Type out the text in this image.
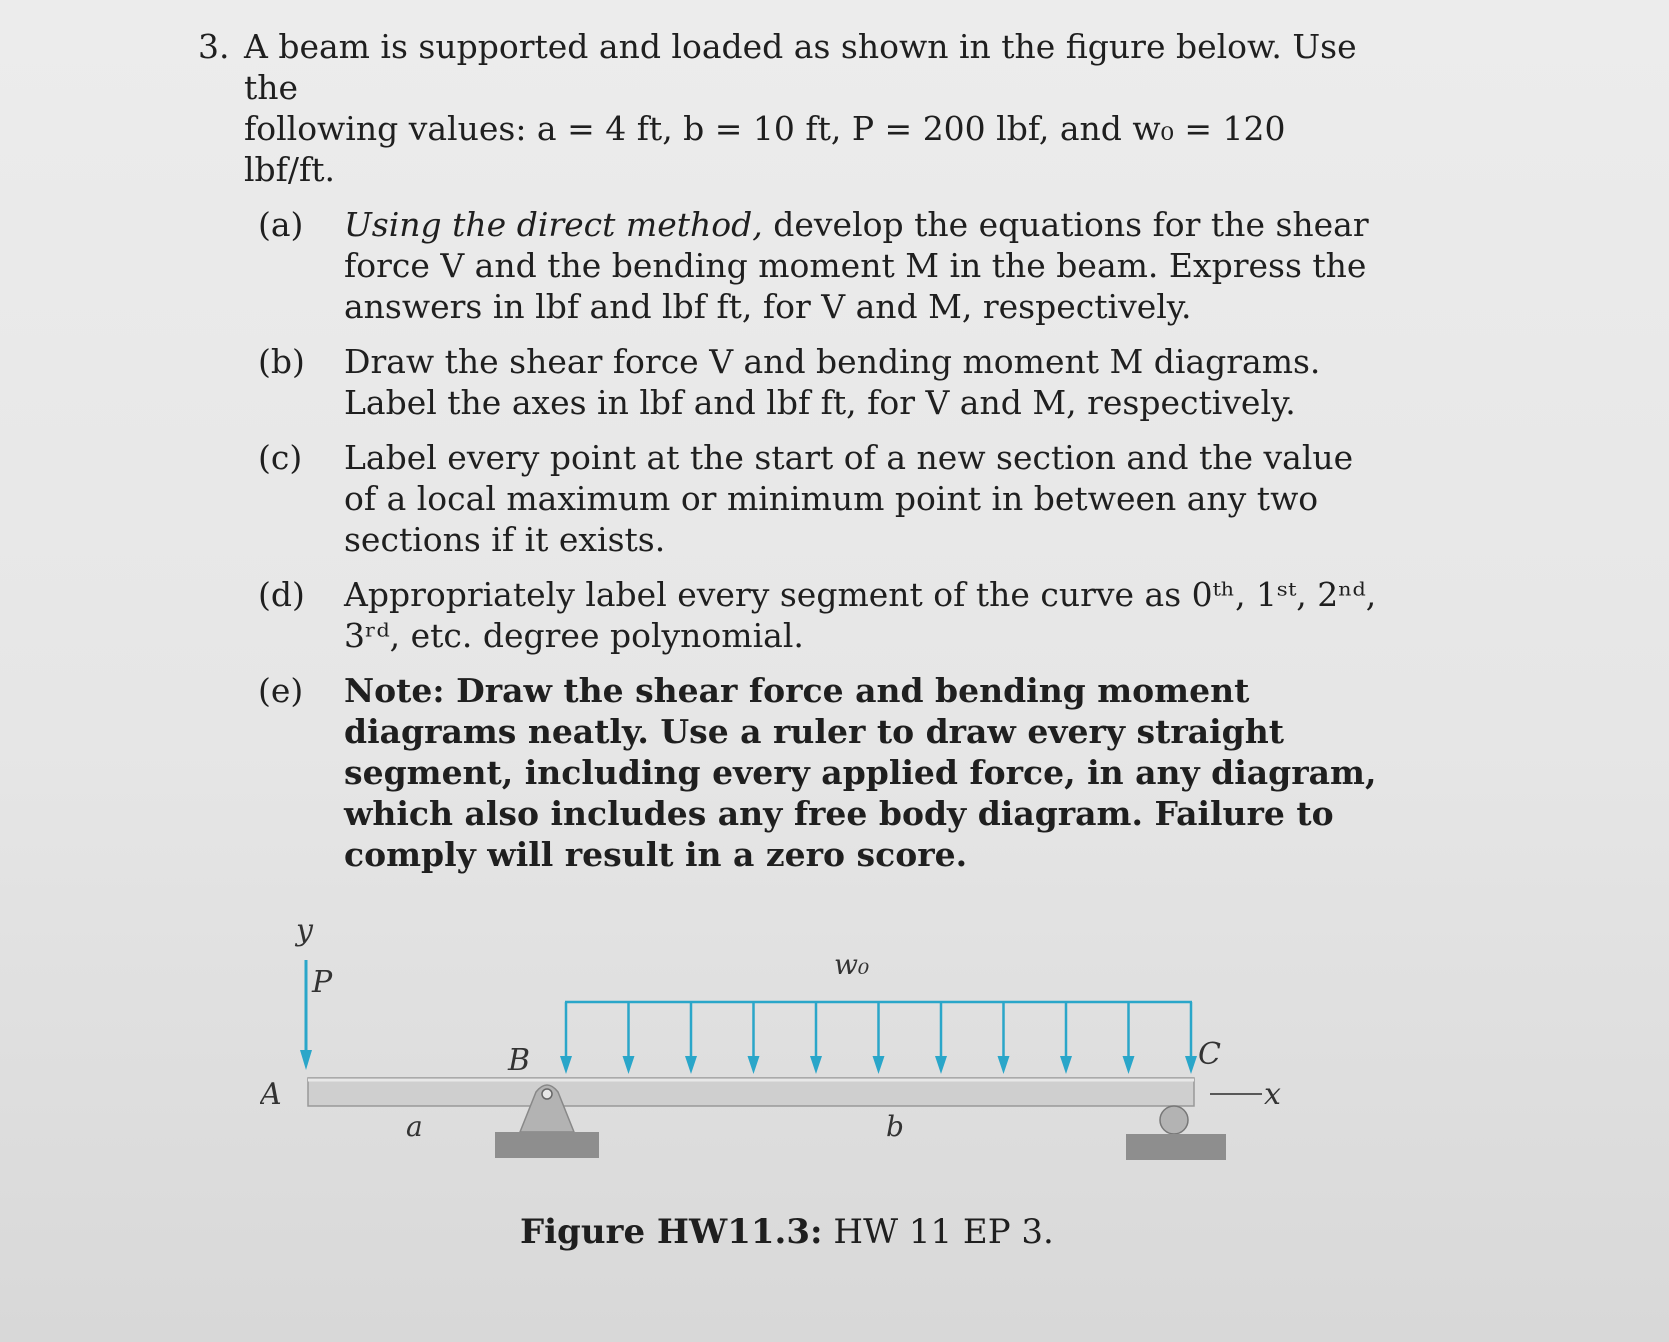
3. A beam is supported and loaded as shown in the figure below. Use the
following values: a = 4 ft, b = 10 ft, P = 200 lbf, and w₀ = 120 lbf/ft.
(a) Using the direct method, develop the equations for the shear force V and the bending moment M in the beam. Express the answers in lbf and lbf ft, for V and M, respectively.
(b) Draw the shear force V and bending moment M diagrams. Label the axes in lbf and lbf ft, for V and M, respectively.
(c) Label every point at the start of a new section and the value of a local maximum or minimum point in between any two sections if it exists.
(d) Appropriately label every segment of the curve as 0ᵗʰ, 1ˢᵗ, 2ⁿᵈ, 3ʳᵈ, etc. degree polynomial.
(e) Note: Draw the shear force and bending moment diagrams neatly. Use a ruler to draw every straight segment, including every applied force, in any diagram, which also includes any free body diagram. Failure to comply will result in a zero score.
y
P
w₀
A
B	C
x
a	b
Figure HW11.3: HW 11 EP 3.
